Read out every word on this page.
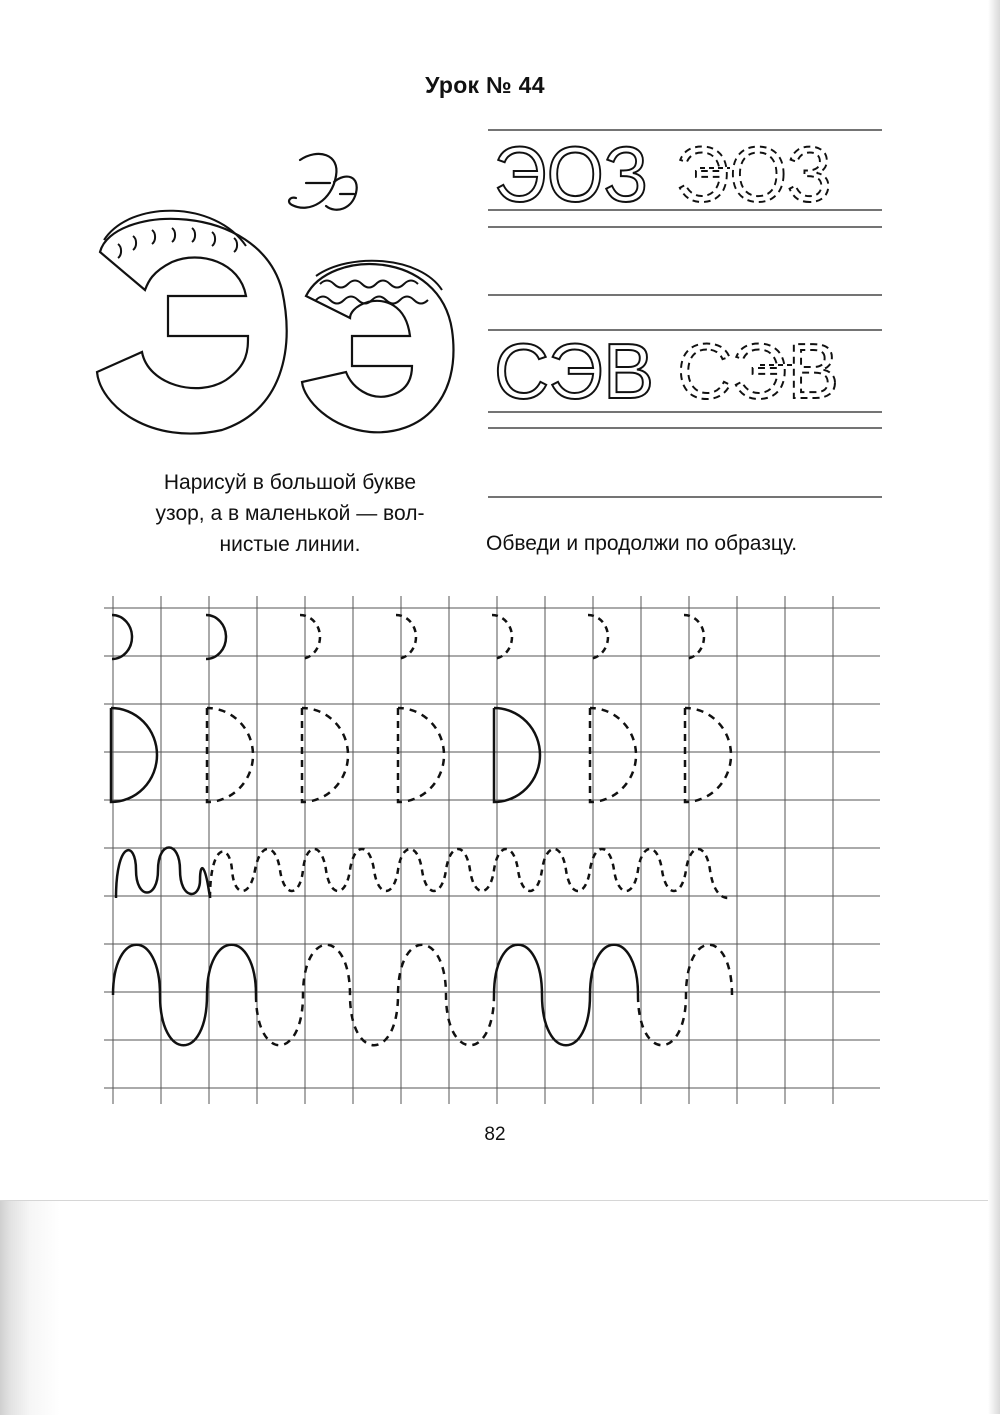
Урок № 44
ЭОЗ ЭОЗ
СЭВ СЭВ
Нарисуй в большой букве
узор, а в маленькой — вол-
нистые линии.	Обведи и продолжи по образцу.
82
